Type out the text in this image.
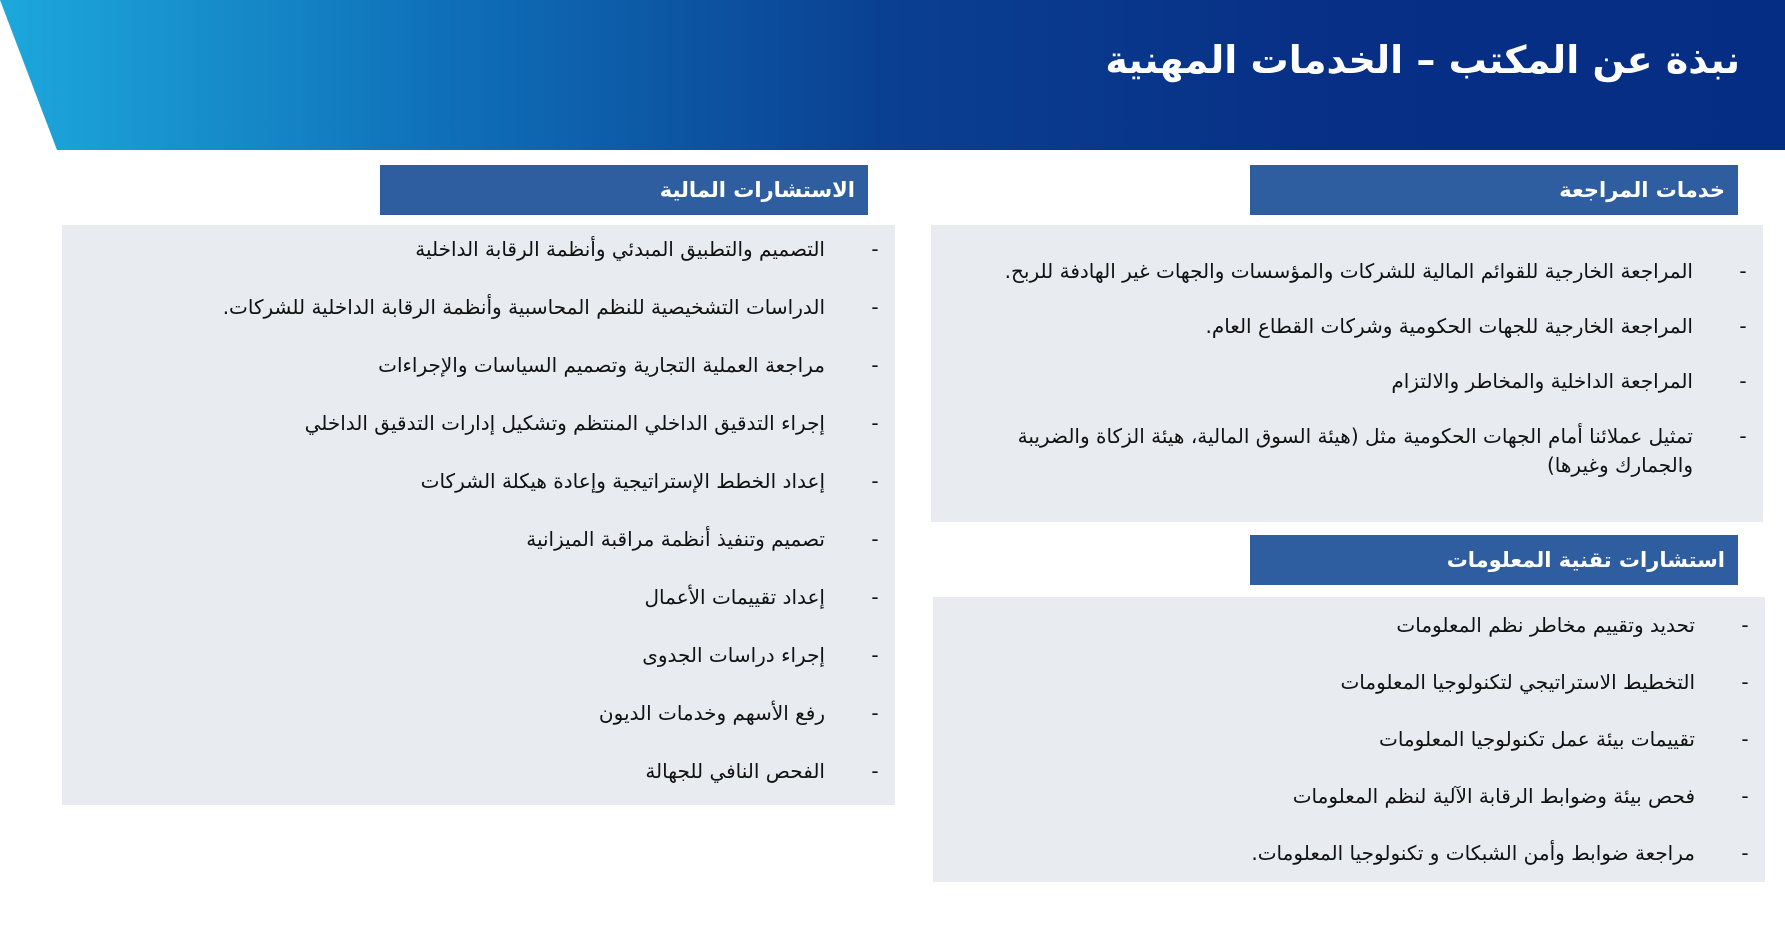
نبذة عن المكتب – الخدمات المهنية
خدمات المراجعة
-
المراجعة الخارجية للقوائم المالية للشركات والمؤسسات والجهات غير الهادفة للربح.
-
المراجعة الخارجية للجهات الحكومية وشركات القطاع العام.
-
المراجعة الداخلية والمخاطر والالتزام
-
تمثيل عملائنا أمام الجهات الحكومية مثل (هيئة السوق المالية، هيئة الزكاة والضريبة والجمارك وغيرها)
استشارات تقنية المعلومات
-
تحديد وتقييم مخاطر نظم المعلومات
-
التخطيط الاستراتيجي لتكنولوجيا المعلومات
-
تقييمات بيئة عمل تكنولوجيا المعلومات
-
فحص بيئة وضوابط الرقابة الآلية لنظم المعلومات
-
مراجعة ضوابط وأمن الشبكات و تكنولوجيا المعلومات.
الاستشارات المالية
-
التصميم والتطبيق المبدئي وأنظمة الرقابة الداخلية
-
الدراسات التشخيصية للنظم المحاسبية وأنظمة الرقابة الداخلية للشركات.
-
مراجعة العملية التجارية وتصميم السياسات والإجراءات
-
إجراء التدقيق الداخلي المنتظم وتشكيل إدارات التدقيق الداخلي
-
إعداد الخطط الإستراتيجية وإعادة هيكلة الشركات
-
تصميم وتنفيذ أنظمة مراقبة الميزانية
-
إعداد تقييمات الأعمال
-
إجراء دراسات الجدوى
-
رفع الأسهم وخدمات الديون
-
الفحص النافي للجهالة
